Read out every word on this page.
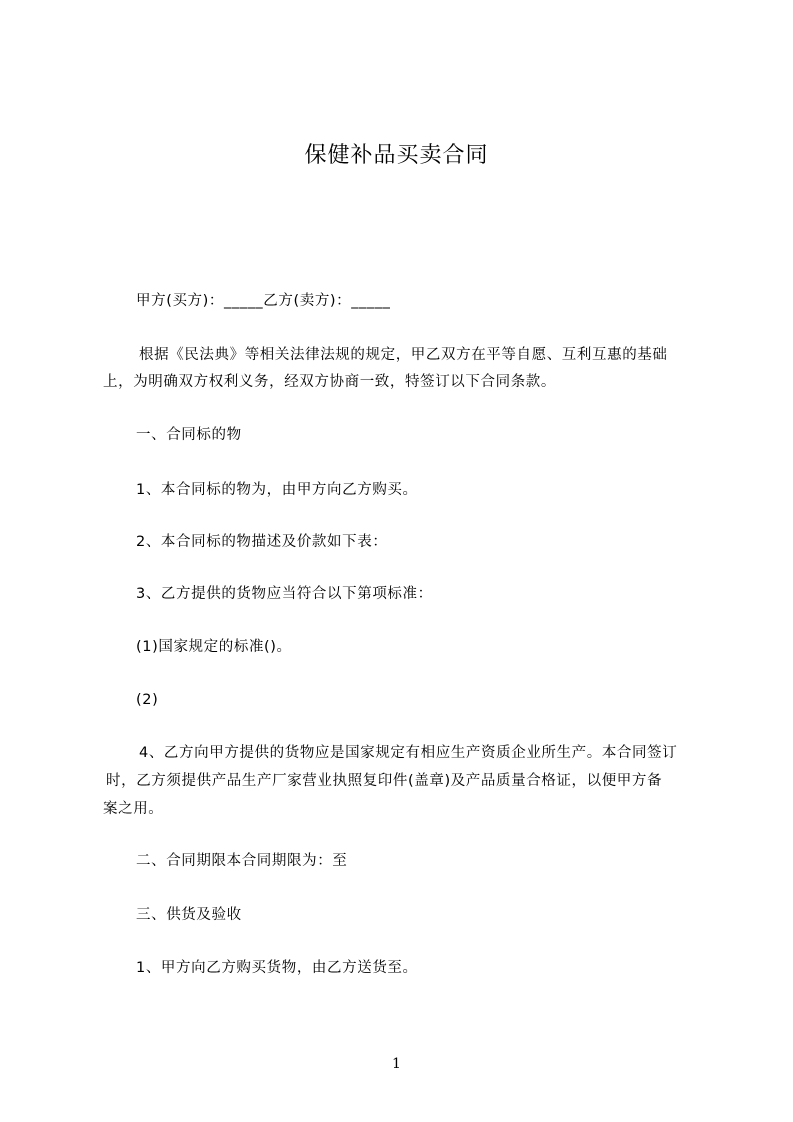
保健补品买卖合同
甲方(买方)：_____乙方(卖方)：_____
根据《民法典》等相关法律法规的规定，甲乙双方在平等自愿、互利互惠的基础
上，为明确双方权利义务，经双方协商一致，特签订以下合同条款。
一、合同标的物
1、本合同标的物为，由甲方向乙方购买。
2、本合同标的物描述及价款如下表：
3、乙方提供的货物应当符合以下第项标准：
(1)国家规定的标准()。
(2)
4、乙方向甲方提供的货物应是国家规定有相应生产资质企业所生产。本合同签订
时，乙方须提供产品生产厂家营业执照复印件(盖章)及产品质量合格证，以便甲方备
案之用。
二、合同期限本合同期限为：至
三、供货及验收
1、甲方向乙方购买货物，由乙方送货至。
1
